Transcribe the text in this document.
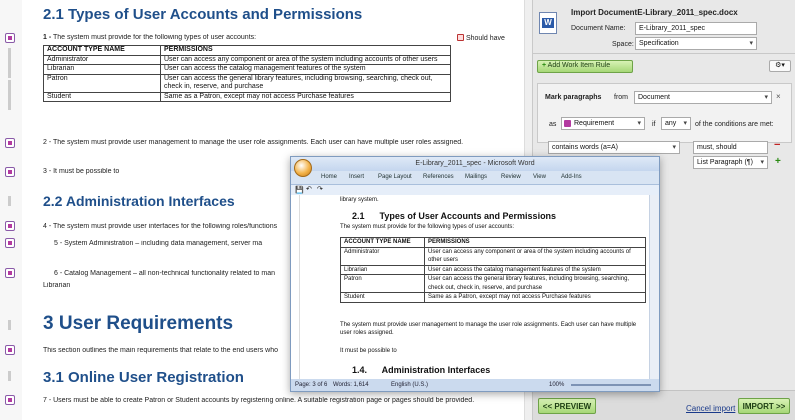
2.1 Types of User Accounts and Permissions
1 - The system must provide for the following types of user accounts:	Should have
ACCOUNT TYPE NAME	PERMISSIONS
Administrator	User can access any component or area of the system including accounts of other users
Librarian	User can access the catalog management features of the system
Patron	User can access the general library features, including browsing, searching, check out, check in, reserve, and purchase
Student	Same as a Patron, except may not access Purchase features
2 - The system must provide user management to manage the user role assignments. Each user can have multiple user roles assigned.
3 - It must be possible to
2.2 Administration Interfaces
4 - The system must provide user interfaces for the following roles/functions
5 - System Administration – including data management, server ma
6 - Catalog Management – all non-technical functionality related to man
Librarian
3 User Requirements
This section outlines the main requirements that relate to the end users who
3.1 Online User Registration
7 - Users must be able to create Patron or Student accounts by registering online. A suitable registration page or pages should be provided.
W
Import DocumentE-Library_2011_spec.docx
Document Name:	E-Library_2011_spec
Space: Specification ▾
+ Add Work Item Rule	⚙▾
Mark paragraphs from	Document ▾	×
as	Requirement ▾	if	any ▾	of the conditions are met:
contains words (a=A) ▾	must, should	−
List Paragraph (¶) ▾	+
<< PREVIEW	Cancel import IMPORT >>
E-Library_2011_spec - Microsoft Word
Home Insert Page Layout References Mailings Review View	Add-Ins
💾 ↶ ↷
library system.
2.1      Types of User Accounts and Permissions
The system must provide for the following types of user accounts:
ACCOUNT TYPE NAME	PERMISSIONS
Administrator	User can access any component or area of the system including accounts of other users
Librarian	User can access the catalog management features of the system
Patron	User can access the general library features, including browsing, searching, check out, check in, reserve, and purchase
Student	Same as a Patron, except may not access Purchase features
The system must provide user management to manage the user role assignments. Each user can have multiple user roles assigned.
It must be possible to
1.4.      Administration Interfaces
Page: 3 of 6 Words: 1,614	English (U.S.)	100%
